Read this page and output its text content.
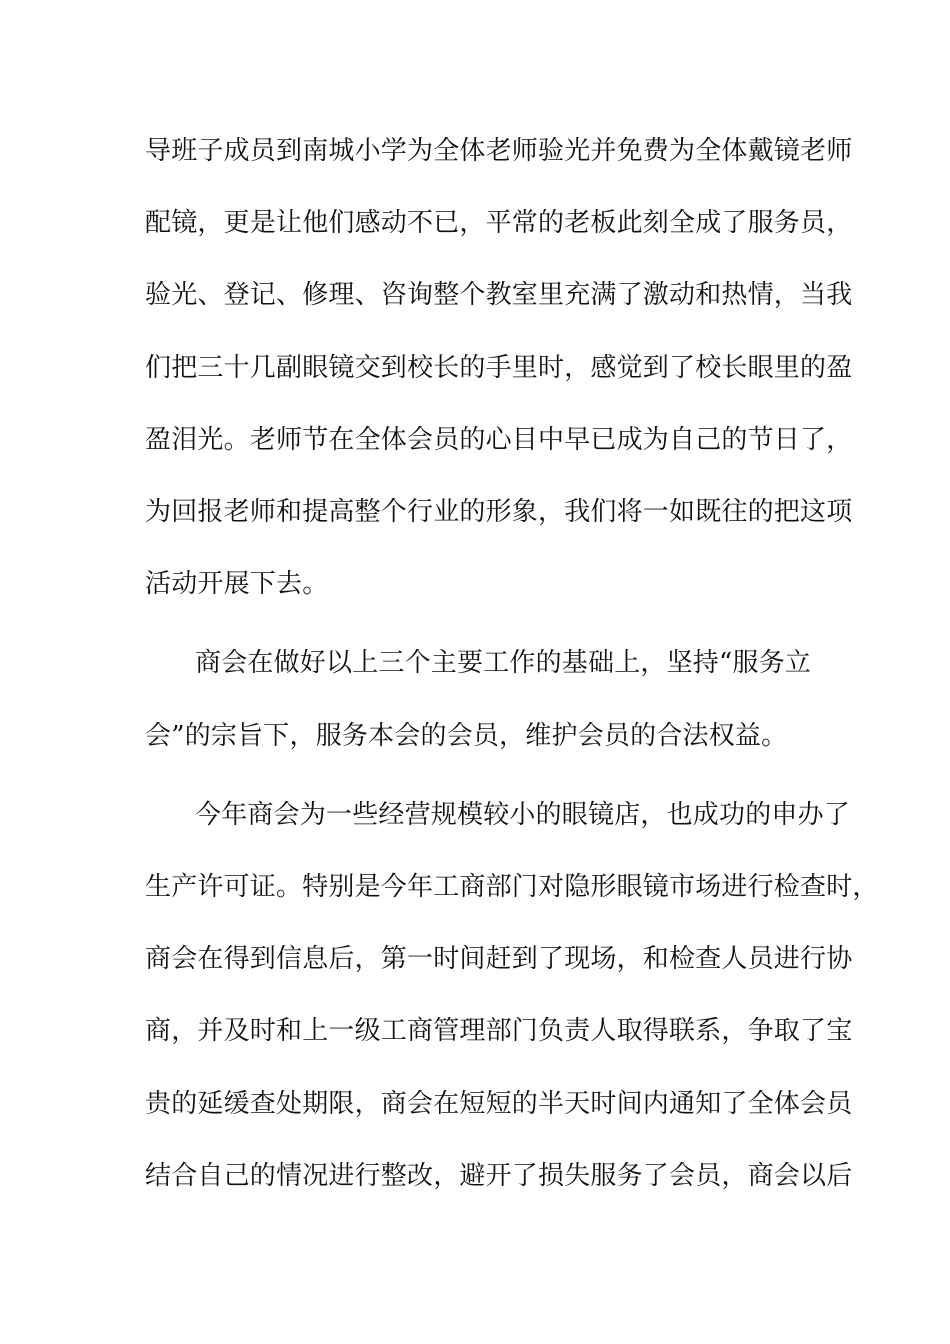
导班子成员到南城小学为全体老师验光并免费为全体戴镜老师
配镜，更是让他们感动不已，平常的老板此刻全成了服务员，
验光、登记、修理、咨询整个教室里充满了激动和热情，当我
们把三十几副眼镜交到校长的手里时，感觉到了校长眼里的盈
盈泪光。老师节在全体会员的心目中早已成为自己的节日了，
为回报老师和提高整个行业的形象，我们将一如既往的把这项
活动开展下去。
商会在做好以上三个主要工作的基础上，坚持“服务立
会”的宗旨下，服务本会的会员，维护会员的合法权益。
今年商会为一些经营规模较小的眼镜店，也成功的申办了
生产许可证。特别是今年工商部门对隐形眼镜市场进行检查时，
商会在得到信息后，第一时间赶到了现场，和检查人员进行协
商，并及时和上一级工商管理部门负责人取得联系，争取了宝
贵的延缓查处期限，商会在短短的半天时间内通知了全体会员
结合自己的情况进行整改，避开了损失服务了会员，商会以后
